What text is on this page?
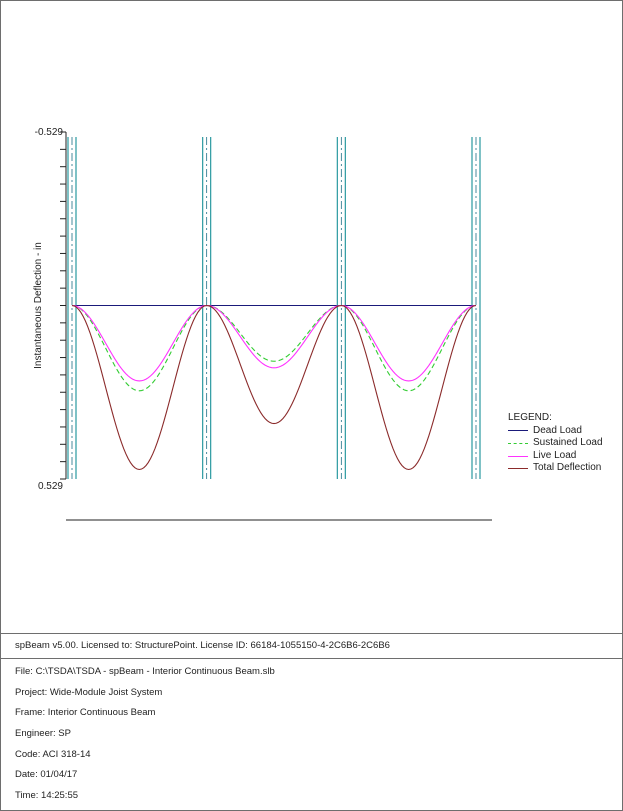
-0.529
0.529
Instantaneous Deflection - in
LEGEND:
Dead Load
Sustained Load
Live Load
Total Deflection
spBeam v5.00. Licensed to: StructurePoint. License ID: 66184-1055150-4-2C6B6-2C6B6
File: C:\TSDA\TSDA - spBeam - Interior Continuous Beam.slb
Project: Wide-Module Joist System
Frame: Interior Continuous Beam
Engineer: SP
Code: ACI 318-14
Date: 01/04/17
Time: 14:25:55
